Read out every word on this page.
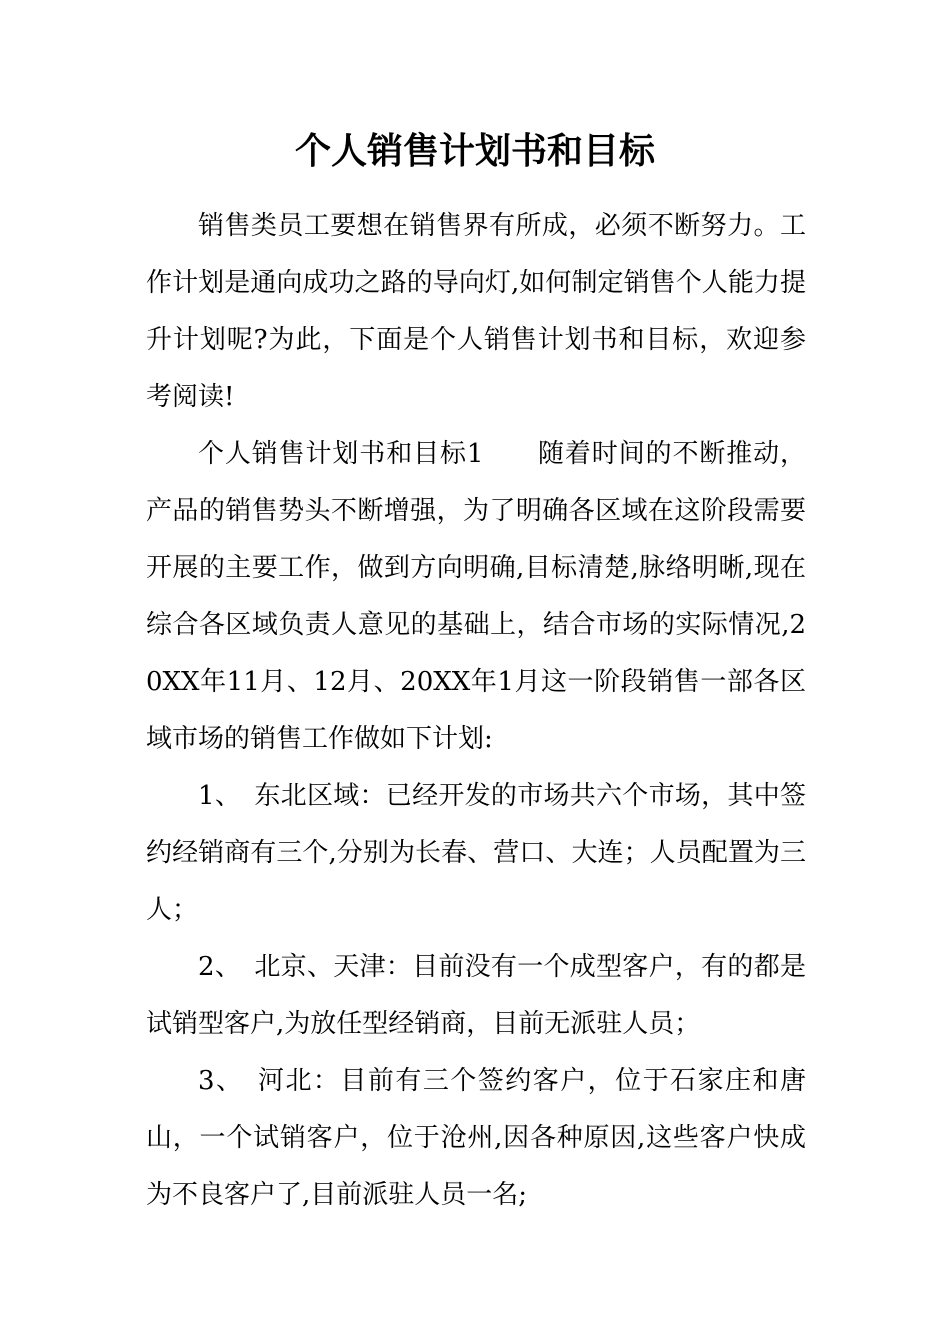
个人销售计划书和目标

销售类员工要想在销售界有所成，必须不断努力。工作计划是通向成功之路的导向灯,如何制定销售个人能力提升计划呢?为此，下面是个人销售计划书和目标，欢迎参考阅读!

个人销售计划书和目标1　　随着时间的不断推动，产品的销售势头不断增强，为了明确各区域在这阶段需要开展的主要工作，做到方向明确,目标清楚,脉络明晰,现在综合各区域负责人意见的基础上，结合市场的实际情况,20XX年11月、12月、20XX年1月这一阶段销售一部各区域市场的销售工作做如下计划:

1、　东北区域：已经开发的市场共六个市场，其中签约经销商有三个,分别为长春、营口、大连；人员配置为三人；

2、　北京、天津：目前没有一个成型客户，有的都是试销型客户,为放任型经销商，目前无派驻人员；

3、　河北：目前有三个签约客户，位于石家庄和唐山，一个试销客户，位于沧州,因各种原因,这些客户快成为不良客户了,目前派驻人员一名;
